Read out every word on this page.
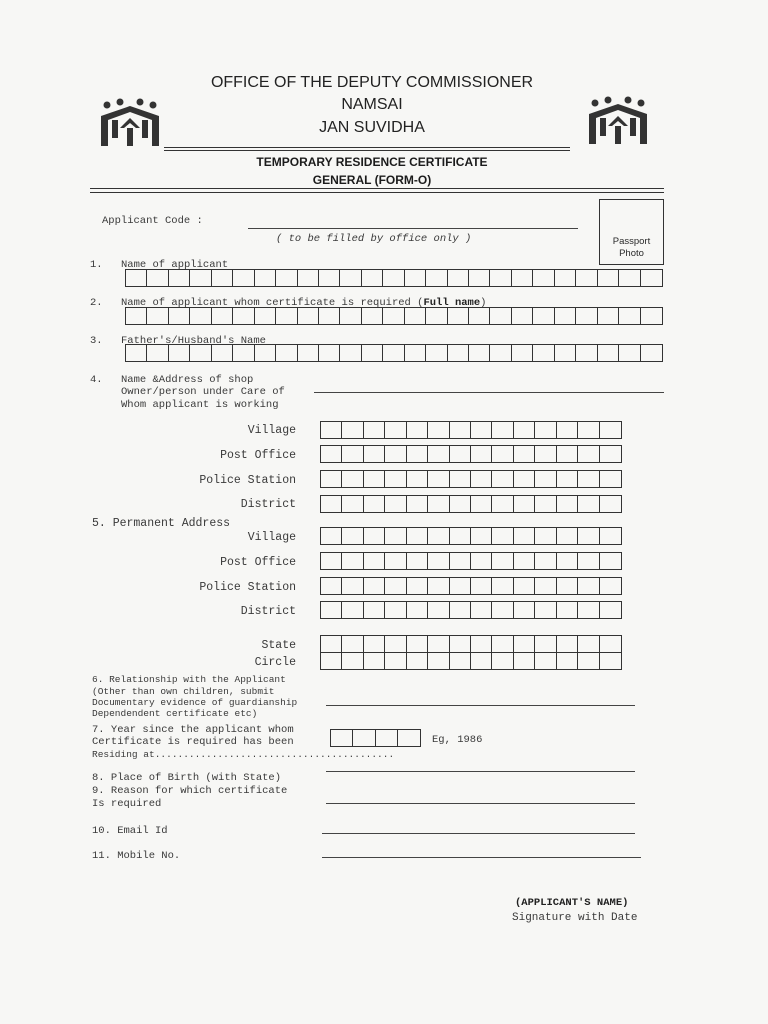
OFFICE OF THE DEPUTY COMMISSIONER
NAMSAI
JAN SUVIDHA
TEMPORARY RESIDENCE CERTIFICATE
GENERAL (FORM-O)
Applicant Code :
( to be filled by office only )	Passport
Photo
1. Name of applicant
2. Name of applicant whom certificate is required (Full name)
3. Father's/Husband's Name
4. Name &Address of shop
Owner/person under Care of
Whom applicant is working
Village
Post Office
Police Station
District
5. Permanent Address
Village
Post Office
Police Station
District
State
Circle
6. Relationship with the Applicant
(Other than own children, submit
Documentary evidence of guardianship
Dependendent certificate etc)
7. Year since the applicant whom
Certificate is required has been
Residing at..........................................
Eg, 1986
8. Place of Birth (with State)
9. Reason for which certificate
Is required
10. Email Id
11. Mobile No.
(APPLICANT'S NAME)
Signature with Date
